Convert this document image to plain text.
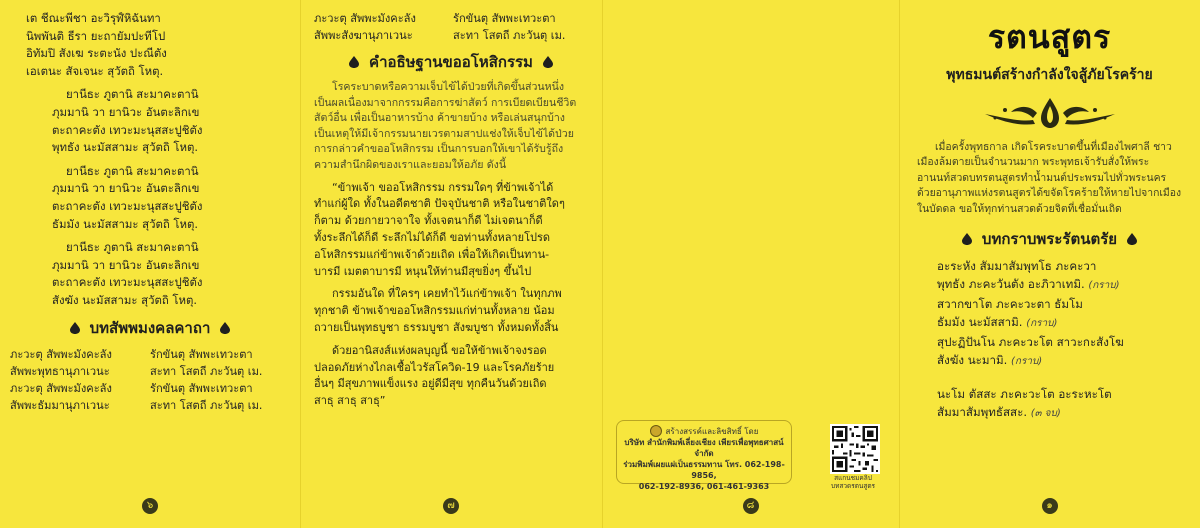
เต ชีณะพีชา อะวิรุฬ์หิฉันทา
นิพพันติ ธีรา ยะถายัมปะทีโป
อิทัมปิ สังเฆ ระตะนัง ปะณีตัง
เอเตนะ สัจเจนะ สุวัตถิ โหตุ.
ยานีธะ ภูตานิ สะมาคะตานิ
ภุมมานิ วา ยานิวะ อันตะลิกเข
ตะถาคะตัง เทวะมะนุสสะปูชิตัง
พุทธัง นะมัสสามะ สุวัตถิ โหตุ.
ยานีธะ ภูตานิ สะมาคะตานิ
ภุมมานิ วา ยานิวะ อันตะลิกเข
ตะถาคะตัง เทวะมะนุสสะปูชิตัง
ธัมมัง นะมัสสามะ สุวัตถิ โหตุ.
ยานีธะ ภูตานิ สะมาคะตานิ
ภุมมานิ วา ยานิวะ อันตะลิกเข
ตะถาคะตัง เทวะมะนุสสะปูชิตัง
สังฆัง นะมัสสามะ สุวัตถิ โหตุ.
บทสัพพมงคลคาถา
ภะวะตุ สัพพะมังคะลัง	รักขันตุ สัพพะเทวะตา
สัพพะพุทธานุภาเวนะ	สะทา โสตถี ภะวันตุ เม.
ภะวะตุ สัพพะมังคะลัง	รักขันตุ สัพพะเทวะตา
สัพพะธัมมานุภาเวนะ	สะทา โสตถี ภะวันตุ เม.
๖
ภะวะตุ สัพพะมังคะลัง	รักขันตุ สัพพะเทวะตา
สัพพะสังฆานุภาเวนะ	สะทา โสตถี ภะวันตุ เม.
คำอธิษฐานขออโหสิกรรม
โรคระบาดหรือความเจ็บไข้ได้ป่วยที่เกิดขึ้นส่วนหนึ่ง
เป็นผลเนื่องมาจากกรรมคือการฆ่าสัตว์ การเบียดเบียนชีวิต
สัตว์อื่น เพื่อเป็นอาหารบ้าง ค้าขายบ้าง หรือเล่นสนุกบ้าง
เป็นเหตุให้มีเจ้ากรรมนายเวรตามสาปแช่งให้เจ็บไข้ได้ป่วย
การกล่าวคำขออโหสิกรรม เป็นการบอกให้เขาได้รับรู้ถึง
ความสำนึกผิดของเราและยอมให้อภัย ดังนี้

“ข้าพเจ้า ขออโหสิกรรม กรรมใดๆ ที่ข้าพเจ้าได้
ทำแก่ผู้ใด ทั้งในอดีตชาติ ปัจจุบันชาติ หรือในชาติใดๆ
ก็ตาม ด้วยกายวาจาใจ ทั้งเจตนาก็ดี ไม่เจตนาก็ดี
ทั้งระลึกได้ก็ดี ระลึกไม่ได้ก็ดี ขอท่านทั้งหลายโปรด
อโหสิกรรมแก่ข้าพเจ้าด้วยเถิด เพื่อให้เกิดเป็นทาน-
บารมี เมตตาบารมี หนุนให้ท่านมีสุขยิ่งๆ ขึ้นไป

กรรมอันใด ที่ใครๆ เคยทำไว้แก่ข้าพเจ้า ในทุกภพ
ทุกชาติ ข้าพเจ้าขออโหสิกรรมแก่ท่านทั้งหลาย น้อม
ถวายเป็นพุทธบูชา ธรรมบูชา สังฆบูชา ทั้งหมดทั้งสิ้น

ด้วยอานิสงส์แห่งผลบุญนี้ ขอให้ข้าพเจ้าจงรอด
ปลอดภัยห่างไกลเชื้อไวรัสโควิด-19 และโรคภัยร้าย
อื่นๆ มีสุขภาพแข็งแรง อยู่ดีมีสุข ทุกคืนวันด้วยเถิด
สาธุ สาธุ สาธุ”

๗
สร้างสรรค์และลิขสิทธิ์ โดย
บริษัท สำนักพิมพ์เลี่ยงเชียง เพียรเพื่อพุทธศาสน์ จำกัด
ร่วมพิมพ์เผยแผ่เป็นธรรมทาน โทร. 062-198-9856,
062-192-8936, 061-461-9363
สแกนชมคลิป
บทสวดรตนสูตร
๘
รตนสูตร
พุทธมนต์สร้างกำลังใจสู้ภัยโรคร้าย
เมื่อครั้งพุทธกาล เกิดโรคระบาดขึ้นที่เมืองไพศาลี ชาว
เมืองล้มตายเป็นจำนวนมาก พระพุทธเจ้ารับสั่งให้พระ
อานนท์สวดบทรตนสูตรทำน้ำมนต์ประพรมไปทั่วพระนคร
ด้วยอานุภาพแห่งรตนสูตรได้ขจัดโรคร้ายให้หายไปจากเมือง
ในบัดดล ขอให้ทุกท่านสวดด้วยจิตที่เชื่อมั่นเถิด
บทกราบพระรัตนตรัย
อะระหัง สัมมาสัมพุทโธ ภะคะวา
พุทธัง ภะคะวันตัง อะภิวาเทมิ. (กราบ)
สวากขาโต ภะคะวะตา ธัมโม
ธัมมัง นะมัสสามิ. (กราบ)
สุปะฏิปันโน ภะคะวะโต สาวะกะสังโฆ
สังฆัง นะมามิ. (กราบ)
นะโม ตัสสะ ภะคะวะโต อะระหะโต
สัมมาสัมพุทธัสสะ. (๓ จบ)
๑
